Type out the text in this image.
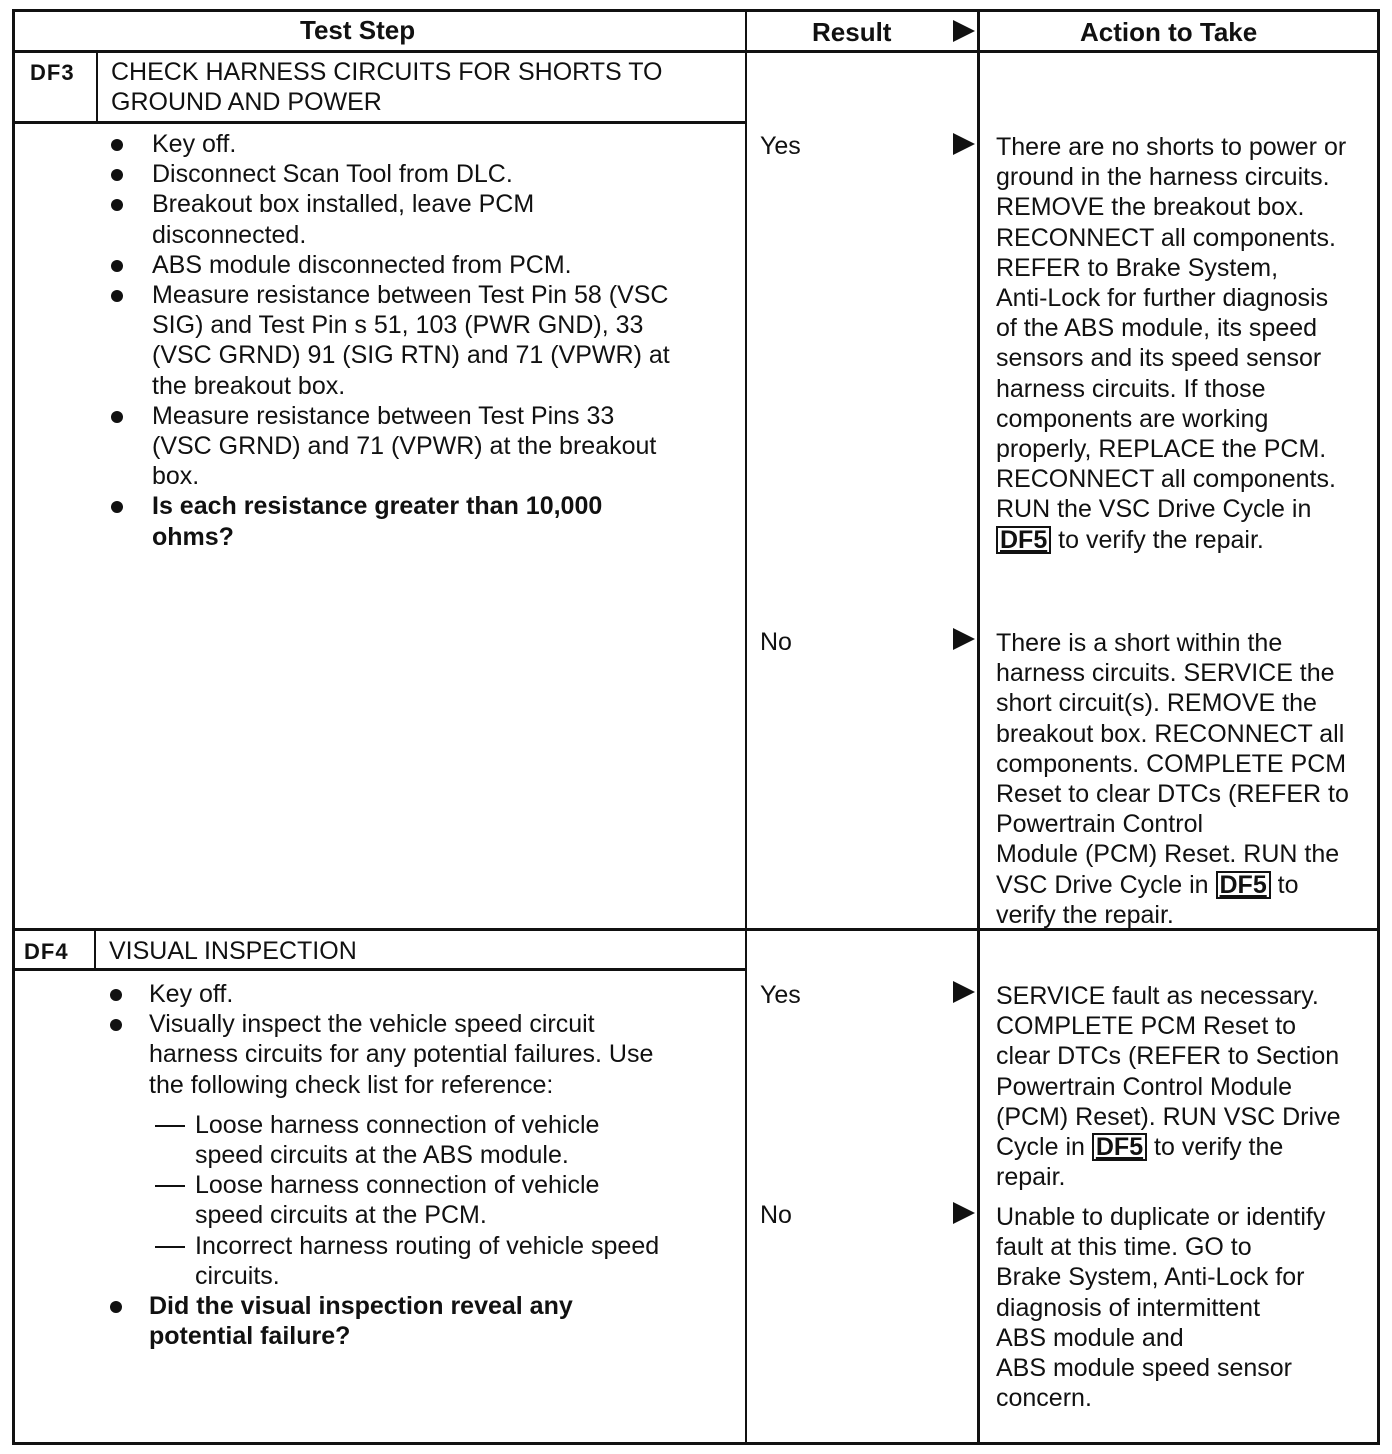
Test Step	Result	Action to Take
DF3 CHECK HARNESS CIRCUITS FOR SHORTS TO
GROUND AND POWER
Key off.
Disconnect Scan Tool from DLC.
Breakout box installed, leave PCM
disconnected.
ABS module disconnected from PCM.
Measure resistance between Test Pin 58 (VSC
SIG) and Test Pin s 51, 103 (PWR GND), 33
(VSC GRND) 91 (SIG RTN) and 71 (VPWR) at
the breakout box.
Measure resistance between Test Pins 33
(VSC GRND) and 71 (VPWR) at the breakout
box.
Is each resistance greater than 10,000
ohms?
Yes	There are no shorts to power or
ground in the harness circuits.
REMOVE the breakout box.
RECONNECT all components.
REFER to Brake System,
Anti-Lock for further diagnosis
of the ABS module, its speed
sensors and its speed sensor
harness circuits. If those
components are working
properly, REPLACE the PCM.
RECONNECT all components.
RUN the VSC Drive Cycle in
DF5 to verify the repair.
No	There is a short within the
harness circuits. SERVICE the
short circuit(s). REMOVE the
breakout box. RECONNECT all
components. COMPLETE PCM
Reset to clear DTCs (REFER to
Powertrain Control
Module (PCM) Reset. RUN the
VSC Drive Cycle in DF5 to
verify the repair.
DF4 VISUAL INSPECTION
Key off.
Visually inspect the vehicle speed circuit
harness circuits for any potential failures. Use
the following check list for reference:
Loose harness connection of vehicle
speed circuits at the ABS module.
Loose harness connection of vehicle
speed circuits at the PCM.
Incorrect harness routing of vehicle speed
circuits.
Did the visual inspection reveal any
potential failure?
Yes	SERVICE fault as necessary.
COMPLETE PCM Reset to
clear DTCs (REFER to Section
Powertrain Control Module
(PCM) Reset). RUN VSC Drive
Cycle in DF5 to verify the
repair.
No	Unable to duplicate or identify
fault at this time. GO to
Brake System, Anti-Lock for
diagnosis of intermittent
ABS module and
ABS module speed sensor
concern.
